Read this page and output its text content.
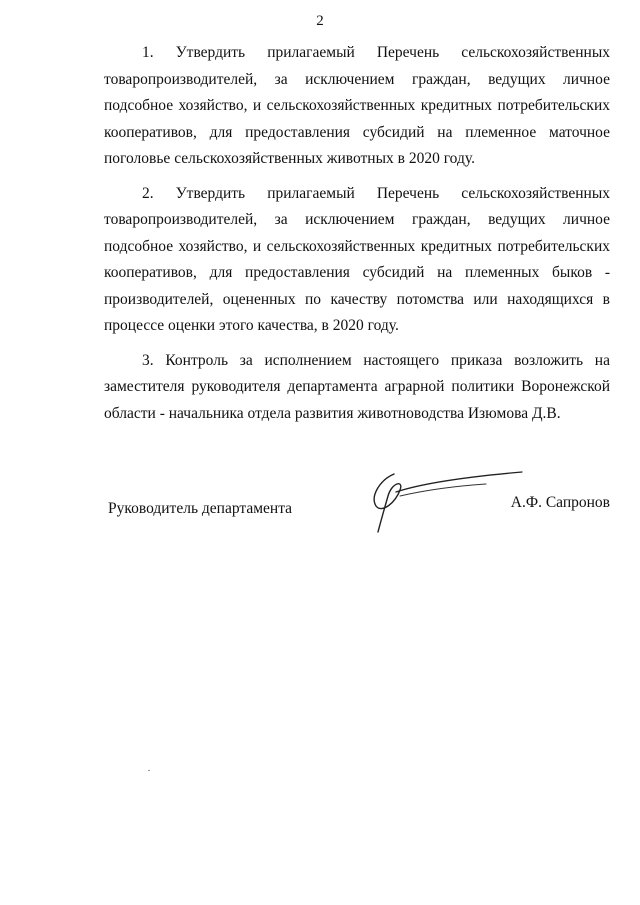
2

1. Утвердить прилагаемый Перечень сельскохозяйственных товаропроизводителей, за исключением граждан, ведущих личное подсобное хозяйство, и сельскохозяйственных кредитных потребительских кооперативов, для предоставления субсидий на племенное маточное поголовье сельскохозяйственных животных в 2020 году.

2. Утвердить прилагаемый Перечень сельскохозяйственных товаропроизводителей, за исключением граждан, ведущих личное подсобное хозяйство, и сельскохозяйственных кредитных потребительских кооперативов, для предоставления субсидий на племенных быков - производителей, оцененных по качеству потомства или находящихся в процессе оценки этого качества, в 2020 году.

3. Контроль за исполнением настоящего приказа возложить на заместителя руководителя департамента аграрной политики Воронежской области - начальника отдела развития животноводства Изюмова Д.В.

Руководитель департамента	А.Ф. Сапронов
